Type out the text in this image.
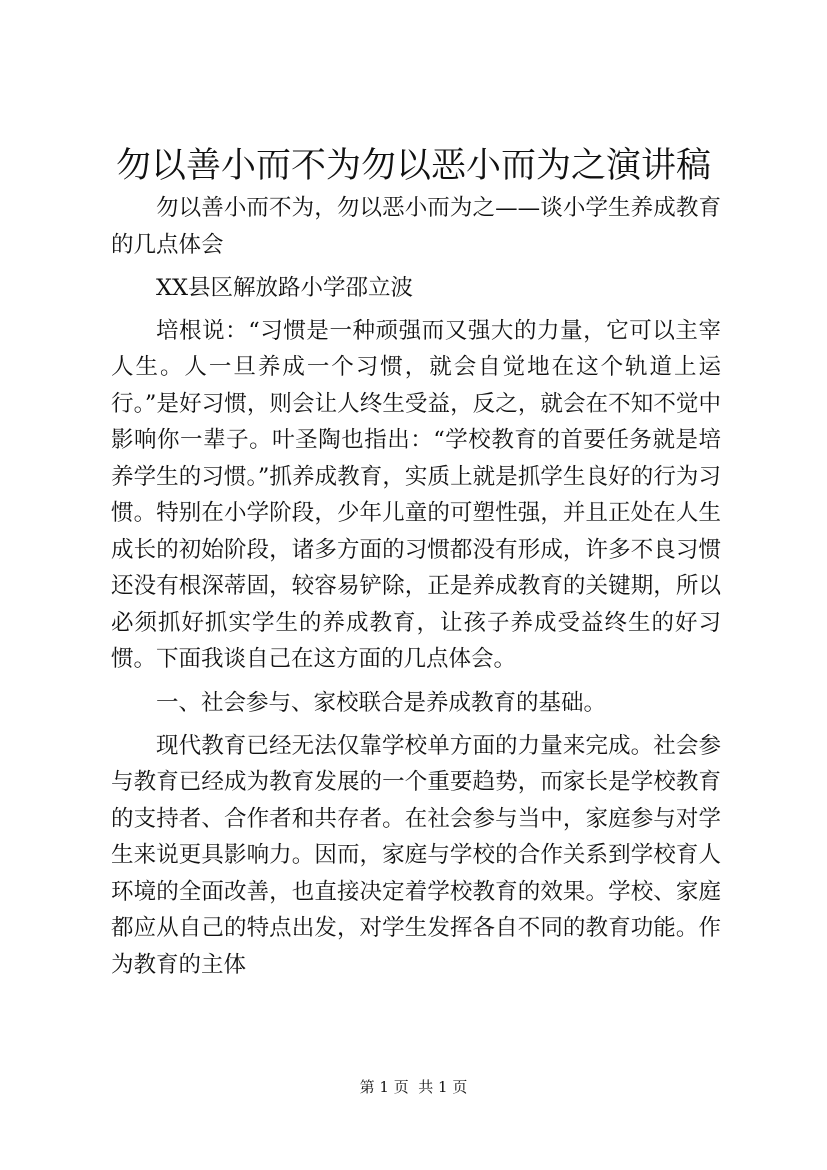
勿以善小而不为勿以恶小而为之演讲稿

勿以善小而不为，勿以恶小而为之——谈小学生养成教育的几点体会

XX县区解放路小学邵立波

培根说：“习惯是一种顽强而又强大的力量，它可以主宰人生。人一旦养成一个习惯，就会自觉地在这个轨道上运行。”是好习惯，则会让人终生受益，反之，就会在不知不觉中影响你一辈子。叶圣陶也指出：“学校教育的首要任务就是培养学生的习惯。”抓养成教育，实质上就是抓学生良好的行为习惯。特别在小学阶段，少年儿童的可塑性强，并且正处在人生成长的初始阶段，诸多方面的习惯都没有形成，许多不良习惯还没有根深蒂固，较容易铲除，正是养成教育的关键期，所以必须抓好抓实学生的养成教育，让孩子养成受益终生的好习惯。下面我谈自己在这方面的几点体会。

一、社会参与、家校联合是养成教育的基础。

现代教育已经无法仅靠学校单方面的力量来完成。社会参与教育已经成为教育发展的一个重要趋势，而家长是学校教育的支持者、合作者和共存者。在社会参与当中，家庭参与对学生来说更具影响力。因而，家庭与学校的合作关系到学校育人环境的全面改善，也直接决定着学校教育的效果。学校、家庭都应从自己的特点出发，对学生发挥各自不同的教育功能。作为教育的主体

第 1 页  共 1 页
